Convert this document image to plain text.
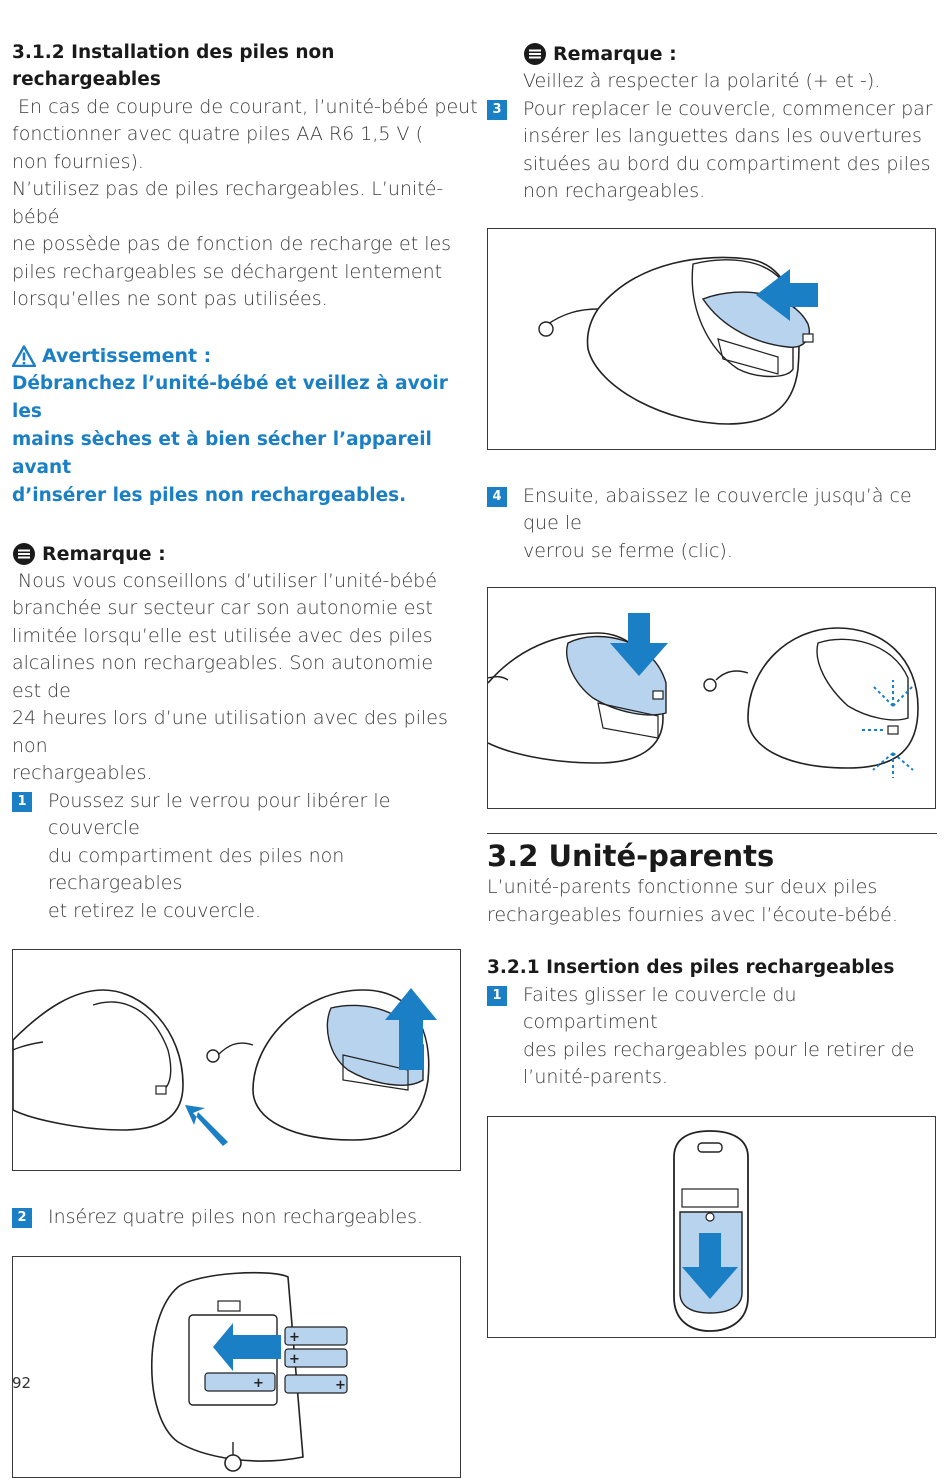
3.1.2 Installation des piles non rechargeables

En cas de coupure de courant, l’unité-bébé peut

fonctionner avec quatre piles AA R6 1,5 V (

non fournies).

N’utilisez pas de piles rechargeables. L’unité-bébé

ne possède pas de fonction de recharge et les

piles rechargeables se déchargent lentement

lorsqu’elles ne sont pas utilisées.

Avertissement :
Débranchez l’unité-bébé et veillez à avoir les
mains sèches et à bien sécher l’appareil avant
d’insérer les piles non rechargeables.
Remarque :

Nous vous conseillons d’utiliser l’unité-bébé

branchée sur secteur car son autonomie est

limitée lorsqu’elle est utilisée avec des piles

alcalines non rechargeables. Son autonomie est de

24 heures lors d’une utilisation avec des piles non

rechargeables.

1 Poussez sur le verrou pour libérer le couvercle

du compartiment des piles non rechargeables

et retirez le couvercle.

2 Insérez quatre piles non rechargeables.

+
+
+
+
Remarque :

Veillez à respecter la polarité (+ et -).

3 Pour replacer le couvercle, commencer par

insérer les languettes dans les ouvertures

situées au bord du compartiment des piles

non rechargeables.

4 Ensuite, abaissez le couvercle jusqu’à ce que le

verrou se ferme (clic).

3.2 Unité-parents

L’unité-parents fonctionne sur deux piles

rechargeables fournies avec l’écoute-bébé.

3.2.1 Insertion des piles rechargeables
1 Faites glisser le couvercle du compartiment

des piles rechargeables pour le retirer de

l’unité-parents.

92
